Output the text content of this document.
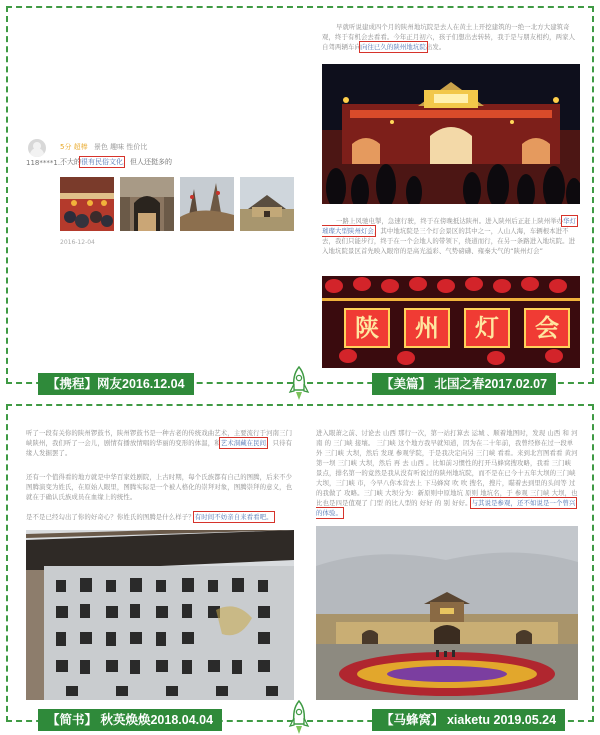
118****1...
5分 超棒 景色 趣味 性价比
不大的很有民俗文化，但人还挺多的
2016-12-04
早就听说建成四个月的陕州地坑院是去人在黄土上开挖建筑的一绝一北方大建筑奇观，终于有机会去看看。今年正月初六，孩子们想出去转转，我于是与朋友相约，两家人自驾两辆车向向往已久的陕州地坑院出发。
一路上风驰电掣，急速行驶，终于在傍晚抵达陕州。进入陕州后正赶上陕州举办华灯璀璨大型陕州灯会，其中地坑院是三个灯会景区的其中之一，人山人海，车辆根本进不去，我们只能步行，终于在一个会地人的带领下，绕道而行，在另一条路进入地坑院。进入地坑院景区首先映入眼帘的是高光溢彩、气势磅礴、雍秦大气的“陕州灯会”
陕	州	灯	会
听了一段有关你的陕州锣鼓书，陕州锣鼓书是一种古老的传统戏曲艺术，主要流行于河南三门峡陕州，我们听了一会儿，剧情有播放情唱的华丽的变形的体温，和艺术洞藏在民间，只待有缘人发掘罢了。
还有一个值得看的地方就是中华百家姓剧院，上古时期，每个氏族都有自己的图腾，后来不少图腾演变为姓氏，在原始人眼里，图腾实际是一个被人格化的崇拜对象，图腾崇拜的意义，也就在于确认氏族成员在血缘上的统性。
是不是已经勾出了你的好奇心？你姓氏的图腾是什么样子？有时间不妨亲自来看看吧。
进入眼萧之前、讨论去 山西 那行一次，第一站打算去 运城 、顺着地图时，发现 山西 和 河南 的 三门峡 接壤。 三门峡 这个地方我早就知道，因为在二十年前，我曾经修在过一段单外 三门峡 大坝，然后 发现 参观学院，于是我决定向另 三门峡 看看。来到北宫图看看 黄河 第一坝 三门峡 大坝，然后 再 去 山西 。比如前习惯性的打开马蜂窝搜攻略，我看 三门峡 景点，排名第一的竟然是我从没有听说过的陕州地坑院，而不是在已今十五年大坝的三门峡大坝，三门峡 市，今早八你本营去上 下马蜂窝 吹 吹 搜名，搜片，瞄着去到里的头间等 过的我做了 攻略。三门峡 大坝分为：新原则中原地坑 原则 地坑名，于 参观 三门峡 大坝，也比也是四是值观了 门型 的比人型的 好好 的 别 好好。与其说是参观，还不如说是一个曾兴的体验。
【携程】网友2016.12.04	【美篇】 北国之春2017.02.07
【简书】 秋英焕焕2018.04.04	【马蜂窝】 xiaketu 2019.05.24
